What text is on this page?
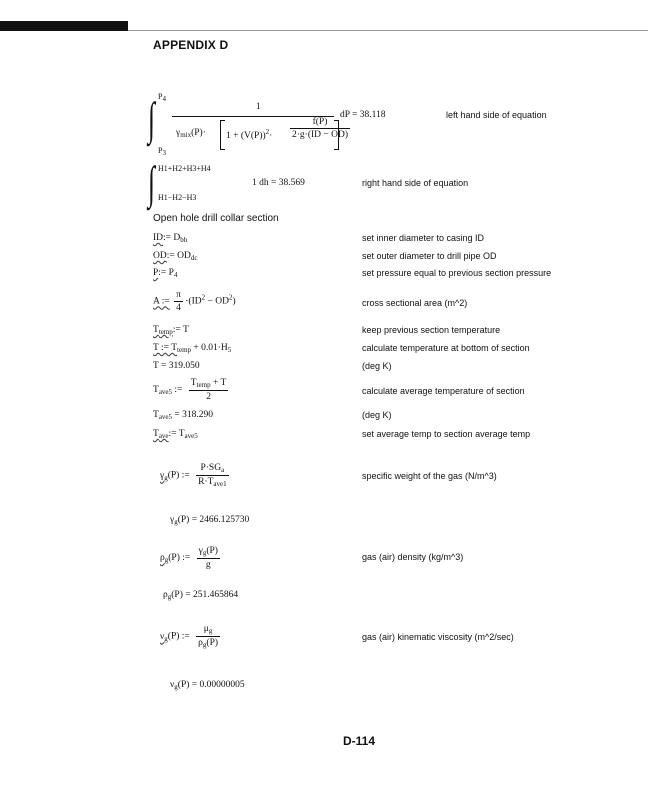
APPENDIX D
∫ P4
P3
1
$\gamma_{mix}(P)\cdot 1 + (V(P))^2\cdot \frac{f(P)}{2\cdot g\cdot(ID - OD)}$
dP = 38.118	left hand side of equation
∫ H1+H2+H3+H4
H1−H2−H3
1 dh = 38.569	right hand side of equation
Open hole drill collar section
ID:= $D_{bh}$	set inner diameter to casing ID
OD:= $OD_{dc}$	set outer diameter to drill pipe OD
P:= $P_4$	set pressure equal to previous section pressure
A := $\frac{\pi}{4} \cdot(ID^2 - OD^2)$	cross sectional area (m^2)
$T_{temp}:= T$	keep previous section temperature
T := $T_{temp} + 0.01\cdot H_5$	calculate temperature at bottom of section
T = 319.050	(deg K)
$T_{ave5}$ := $\frac{T_{temp} + T}{2}$	calculate average temperature of section
$T_{ave5} = 318.290$	(deg K)
$T_{ave}:= T_{ave5}$	set average temp to section average temp
$\gamma_g(P)$ := $\frac{P\cdot SG_a}{R\cdot T_{ave1}}$	specific weight of the gas (N/m^3)
$\gamma_g(P) = 2466.125730$
$\rho_g(P)$ := $\frac{\gamma_g(P)}{g}$	gas (air) density (kg/m^3)
$\rho_g(P) = 251.465864$
$\nu_g(P)$ := $\frac{\mu_g}{\rho_g(P)}$	gas (air) kinematic viscosity (m^2/sec)
$\nu_g(P) = 0.00000005$
D-114
